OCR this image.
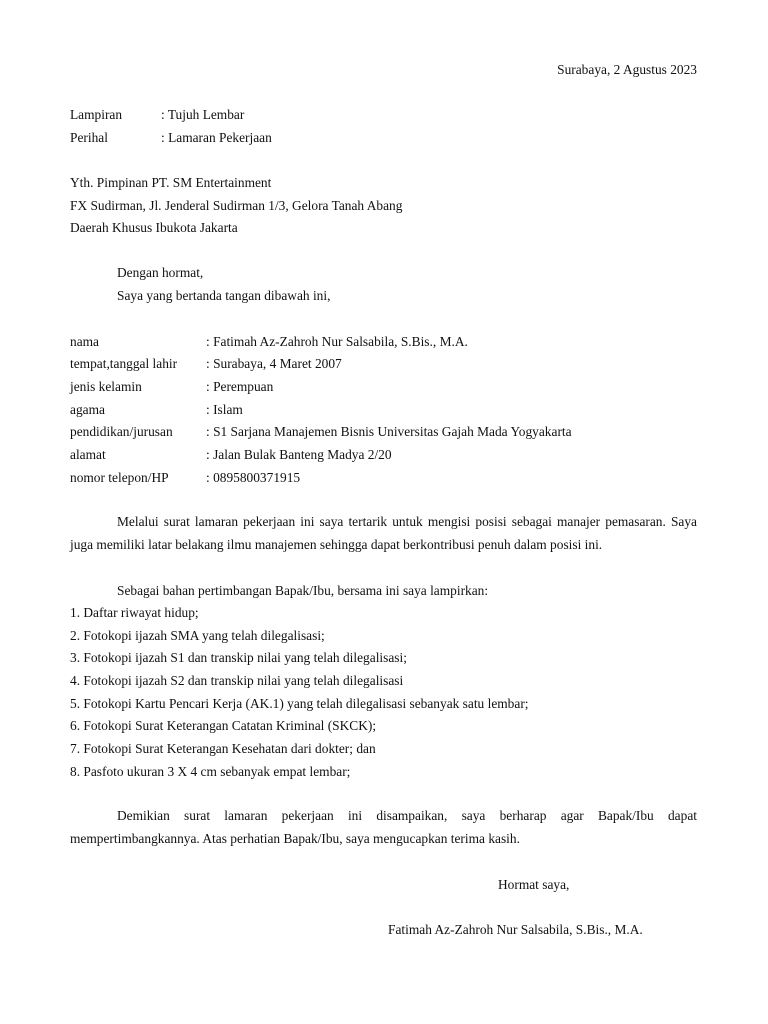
Surabaya, 2 Agustus 2023
Lampiran	: Tujuh Lembar
Perihal	: Lamaran Pekerjaan
Yth. Pimpinan PT. SM Entertainment
FX Sudirman, Jl. Jenderal Sudirman 1/3, Gelora Tanah Abang
Daerah Khusus Ibukota Jakarta
Dengan hormat,
Saya yang bertanda tangan dibawah ini,
nama	: Fatimah Az-Zahroh Nur Salsabila, S.Bis., M.A.
tempat,tanggal lahir : Surabaya, 4 Maret 2007
jenis kelamin	: Perempuan
agama	: Islam
pendidikan/jurusan : S1 Sarjana Manajemen Bisnis Universitas Gajah Mada Yogyakarta
alamat	: Jalan Bulak Banteng Madya 2/20
nomor telepon/HP	: 0895800371915
Melalui surat lamaran pekerjaan ini saya tertarik untuk mengisi posisi sebagai manajer pemasaran. Saya juga memiliki latar belakang ilmu manajemen sehingga dapat berkontribusi penuh dalam posisi ini.
Sebagai bahan pertimbangan Bapak/Ibu, bersama ini saya lampirkan:
1. Daftar riwayat hidup;
2. Fotokopi ijazah SMA yang telah dilegalisasi;
3. Fotokopi ijazah S1 dan transkip nilai yang telah dilegalisasi;
4. Fotokopi ijazah S2 dan transkip nilai yang telah dilegalisasi
5. Fotokopi Kartu Pencari Kerja (AK.1) yang telah dilegalisasi sebanyak satu lembar;
6. Fotokopi Surat Keterangan Catatan Kriminal (SKCK);
7. Fotokopi Surat Keterangan Kesehatan dari dokter; dan
8. Pasfoto ukuran 3 X 4 cm sebanyak empat lembar;
Demikian surat lamaran pekerjaan ini disampaikan, saya berharap agar Bapak/Ibu dapat mempertimbangkannya. Atas perhatian Bapak/Ibu, saya mengucapkan terima kasih.
Hormat saya,
Fatimah Az-Zahroh Nur Salsabila, S.Bis., M.A.
